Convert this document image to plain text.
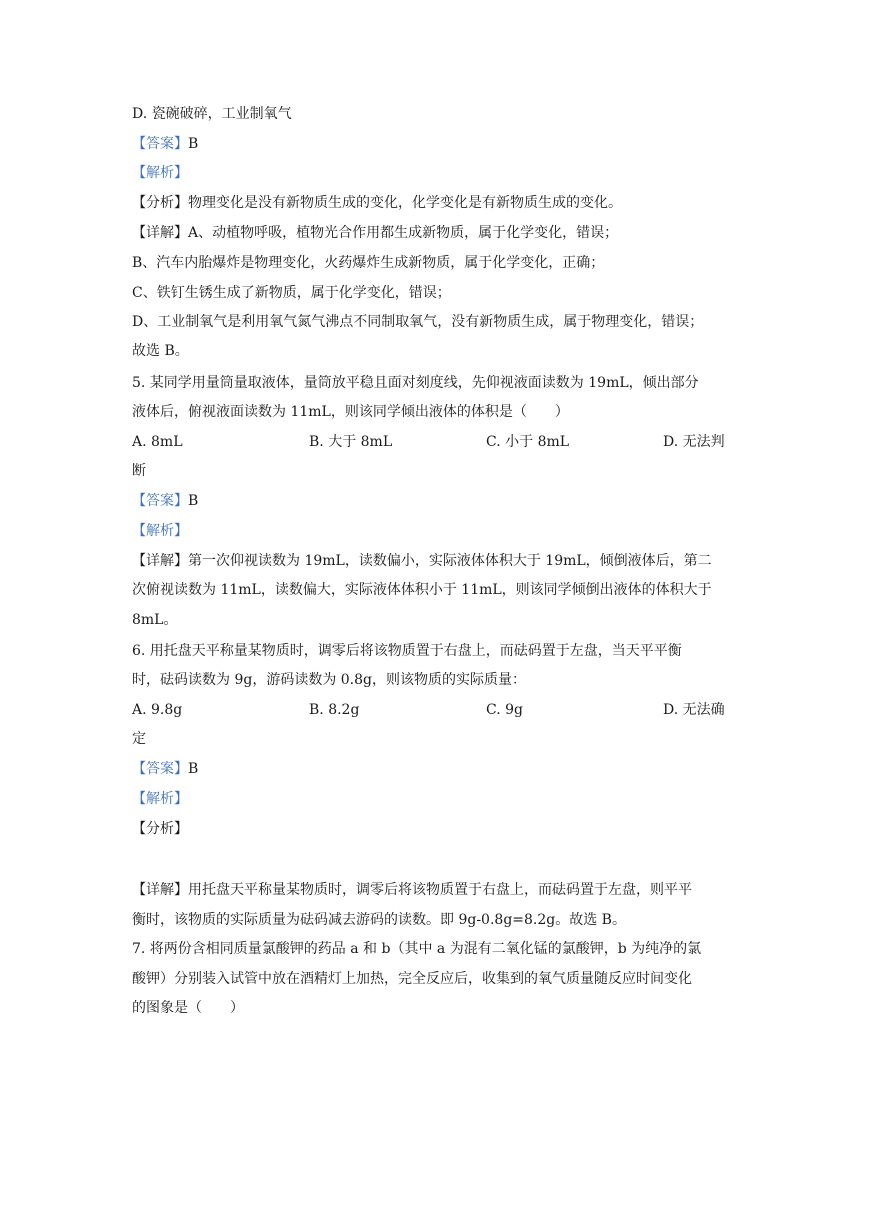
D. 瓷碗破碎，工业制氧气
【答案】B
【解析】
【分析】物理变化是没有新物质生成的变化，化学变化是有新物质生成的变化。
【详解】A、动植物呼吸，植物光合作用都生成新物质，属于化学变化，错误；
B、汽车内胎爆炸是物理变化，火药爆炸生成新物质，属于化学变化，正确；
C、铁钉生锈生成了新物质，属于化学变化，错误；
D、工业制氧气是利用氧气氮气沸点不同制取氧气，没有新物质生成，属于物理变化，错误；
故选 B。
5. 某同学用量筒量取液体，量筒放平稳且面对刻度线，先仰视液面读数为 19mL，倾出部分
液体后，俯视液面读数为 11mL，则该同学倾出液体的体积是（　　）
A. 8mL	B. 大于 8mL	C. 小于 8mL	D. 无法判
断
【答案】B
【解析】
【详解】第一次仰视读数为 19mL，读数偏小，实际液体体积大于 19mL，倾倒液体后，第二
次俯视读数为 11mL，读数偏大，实际液体体积小于 11mL，则该同学倾倒出液体的体积大于
8mL。
6. 用托盘天平称量某物质时，调零后将该物质置于右盘上，而砝码置于左盘，当天平平衡
时，砝码读数为 9g，游码读数为 0.8g，则该物质的实际质量：
A. 9.8g	B. 8.2g	C. 9g	D. 无法确
定
【答案】B
【解析】
【分析】
【详解】用托盘天平称量某物质时，调零后将该物质置于右盘上，而砝码置于左盘，则平平
衡时，该物质的实际质量为砝码减去游码的读数。即 9g-0.8g=8.2g。故选 B。
7. 将两份含相同质量氯酸钾的药品 a 和 b（其中 a 为混有二氧化锰的氯酸钾，b 为纯净的氯
酸钾）分别装入试管中放在酒精灯上加热，完全反应后，收集到的氧气质量随反应时间变化
的图象是（　　）
